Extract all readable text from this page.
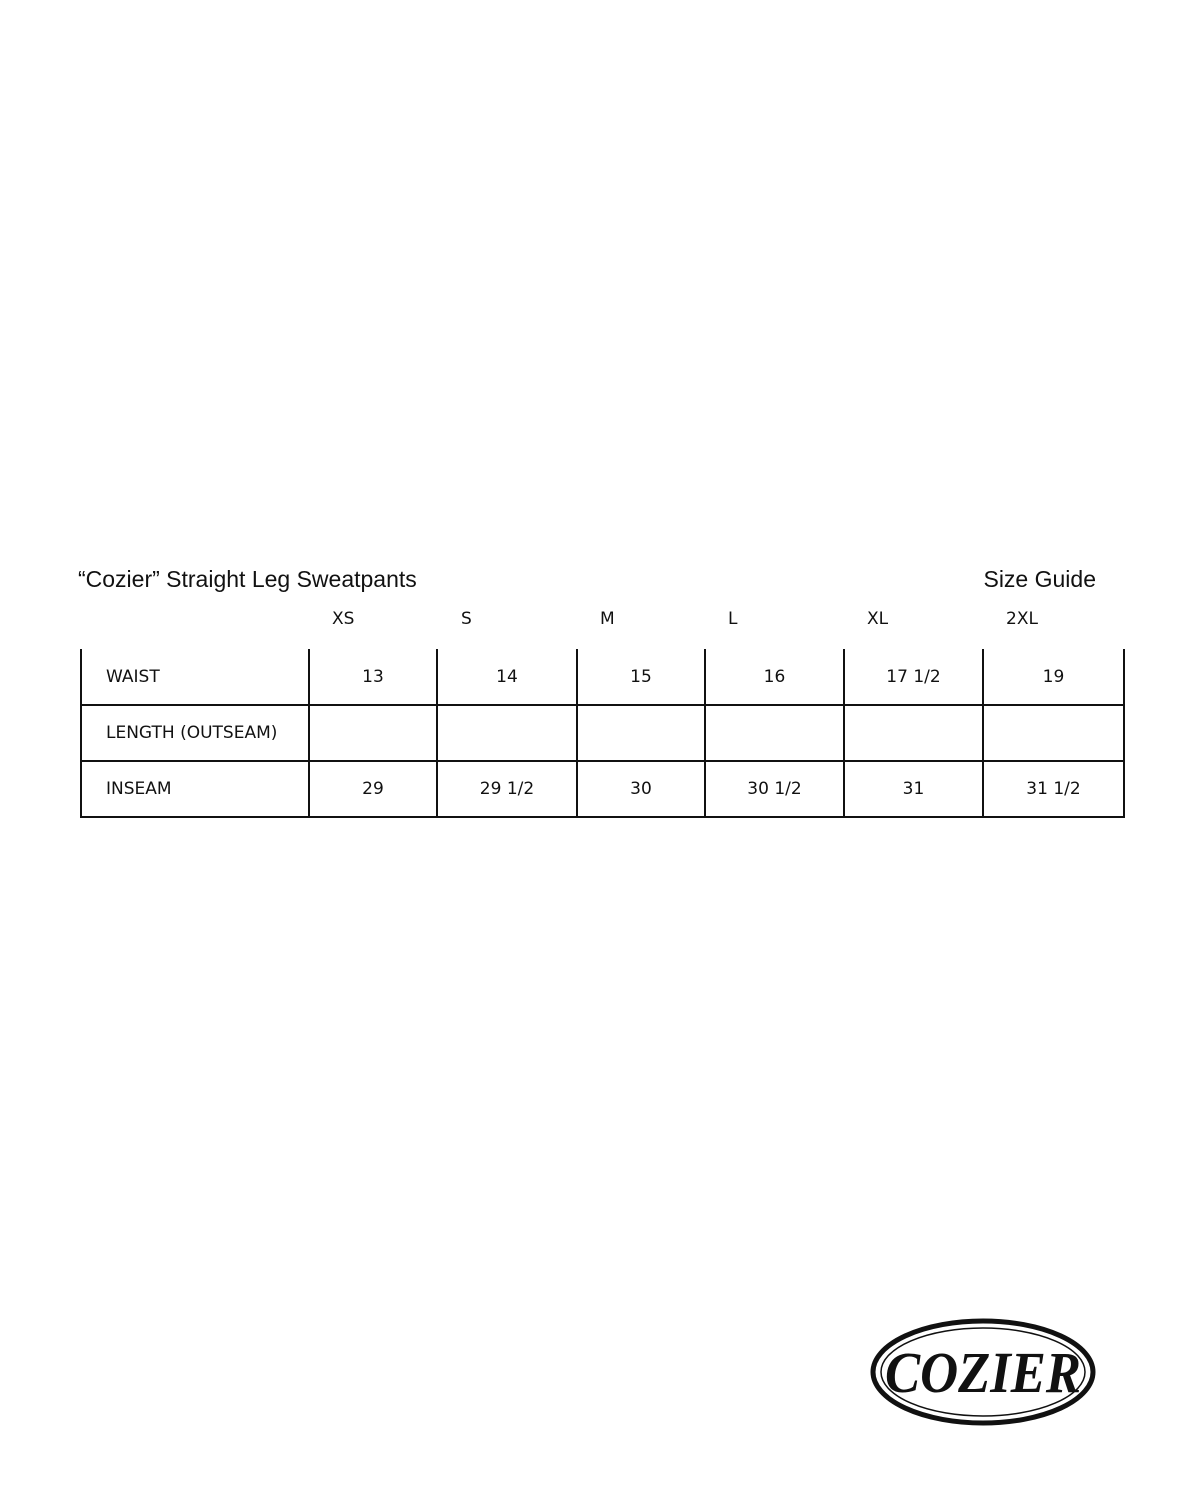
“Cozier” Straight Leg Sweatpants	Size Guide
XS	S	M	L	XL	2XL
WAIST	13	14	15	16	17 1/2	19
LENGTH (OUTSEAM)						
INSEAM	29	29 1/2	30	30 1/2	31	31 1/2
COZIER
